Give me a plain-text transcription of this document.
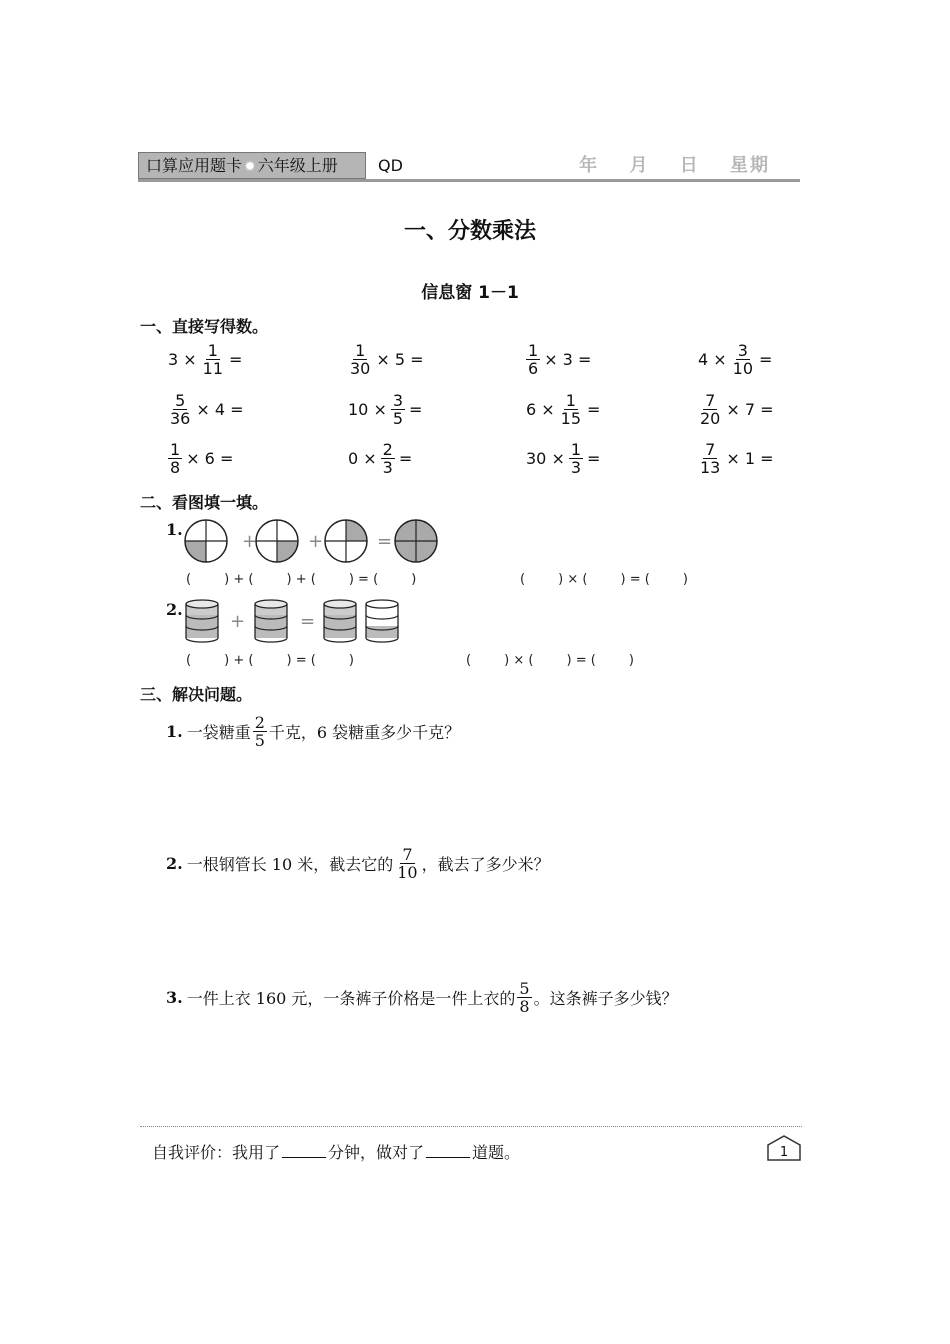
口算应用题卡 ✹ 六年级上册	QD	年 月 日 星期
一、分数乘法
信息窗 1－1
一、直接写得数。
$3 \times \frac{1}{11}$ =	$\frac{1}{30} \times 5$ =	$\frac{1}{6} \times 3$ =	$4 \times \frac{3}{10}$ =
$\frac{5}{36} \times 4$ =	$10 \times \frac{3}{5}$ =	$6 \times \frac{1}{15}$ =	$\frac{7}{20} \times 7$ =
$\frac{1}{8} \times 6$ =	$0 \times \frac{2}{3}$ =	$30 \times \frac{1}{3}$ =	$\frac{7}{13} \times 1$ =
二、看图填一填。
1.
+	+	=
(        ) + (        ) + (        ) = (        )	(        ) × (        ) = (        )
2.
+	=
(        ) + (        ) = (        )	(        ) × (        ) = (        )
三、解决问题。
1. 一袋糖重 $\frac{2}{5}$ 千克，6 袋糖重多少千克？
2. 一根钢管长 10 米，截去它的 $\frac{7}{10}$ ，截去了多少米？
3. 一件上衣 160 元，一条裤子价格是一件上衣的 $\frac{5}{8}$ 。这条裤子多少钱？
自我评价：我用了	分钟，做对了	道题。	1
